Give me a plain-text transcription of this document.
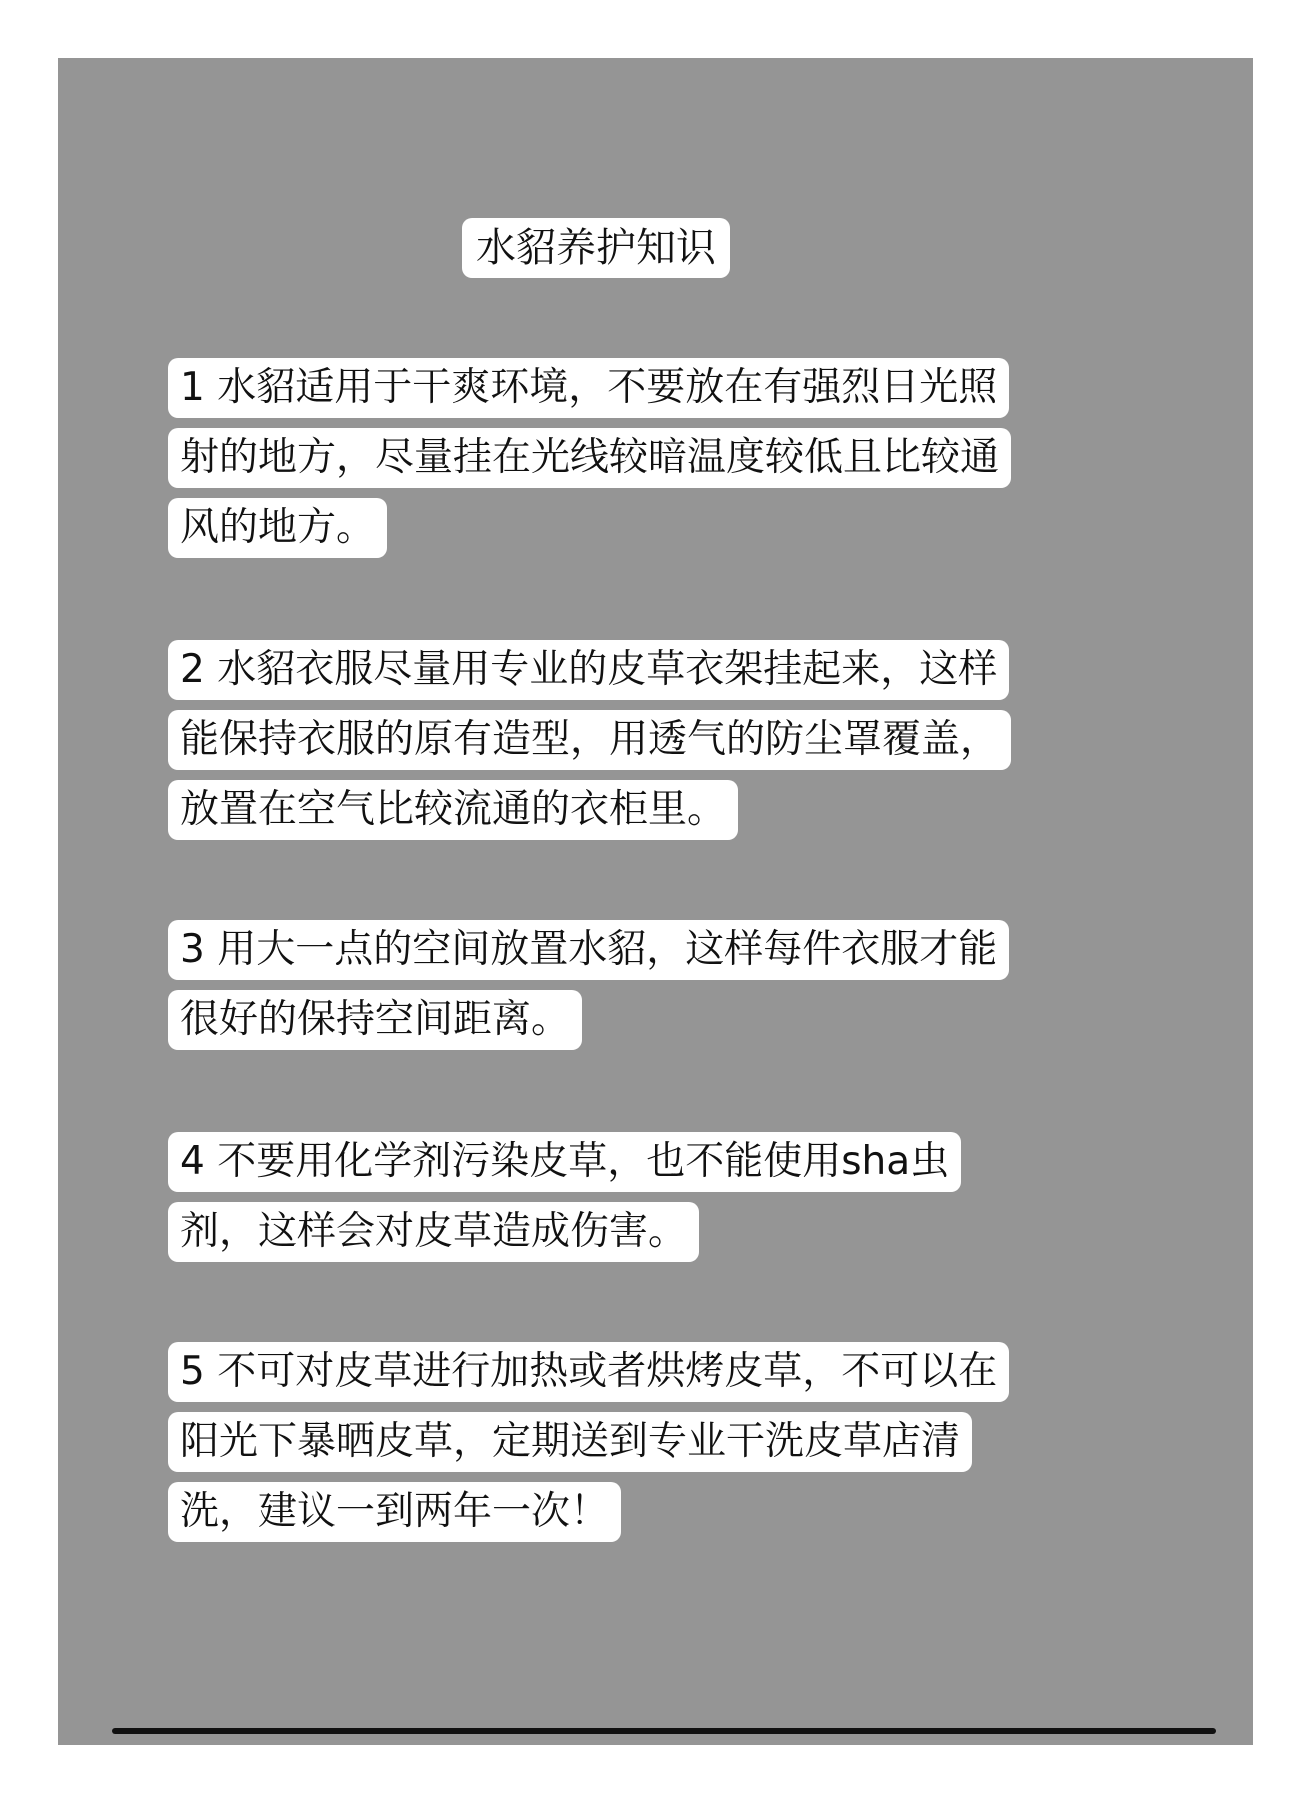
水貂养护知识
1 水貂适用于干爽环境，不要放在有强烈日光照
射的地方，尽量挂在光线较暗温度较低且比较通
风的地方。
2 水貂衣服尽量用专业的皮草衣架挂起来，这样
能保持衣服的原有造型，用透气的防尘罩覆盖，
放置在空气比较流通的衣柜里。
3 用大一点的空间放置水貂，这样每件衣服才能
很好的保持空间距离。
4 不要用化学剂污染皮草，也不能使用sha虫
剂，这样会对皮草造成伤害。
5 不可对皮草进行加热或者烘烤皮草，不可以在
阳光下暴晒皮草，定期送到专业干洗皮草店清
洗，建议一到两年一次！
